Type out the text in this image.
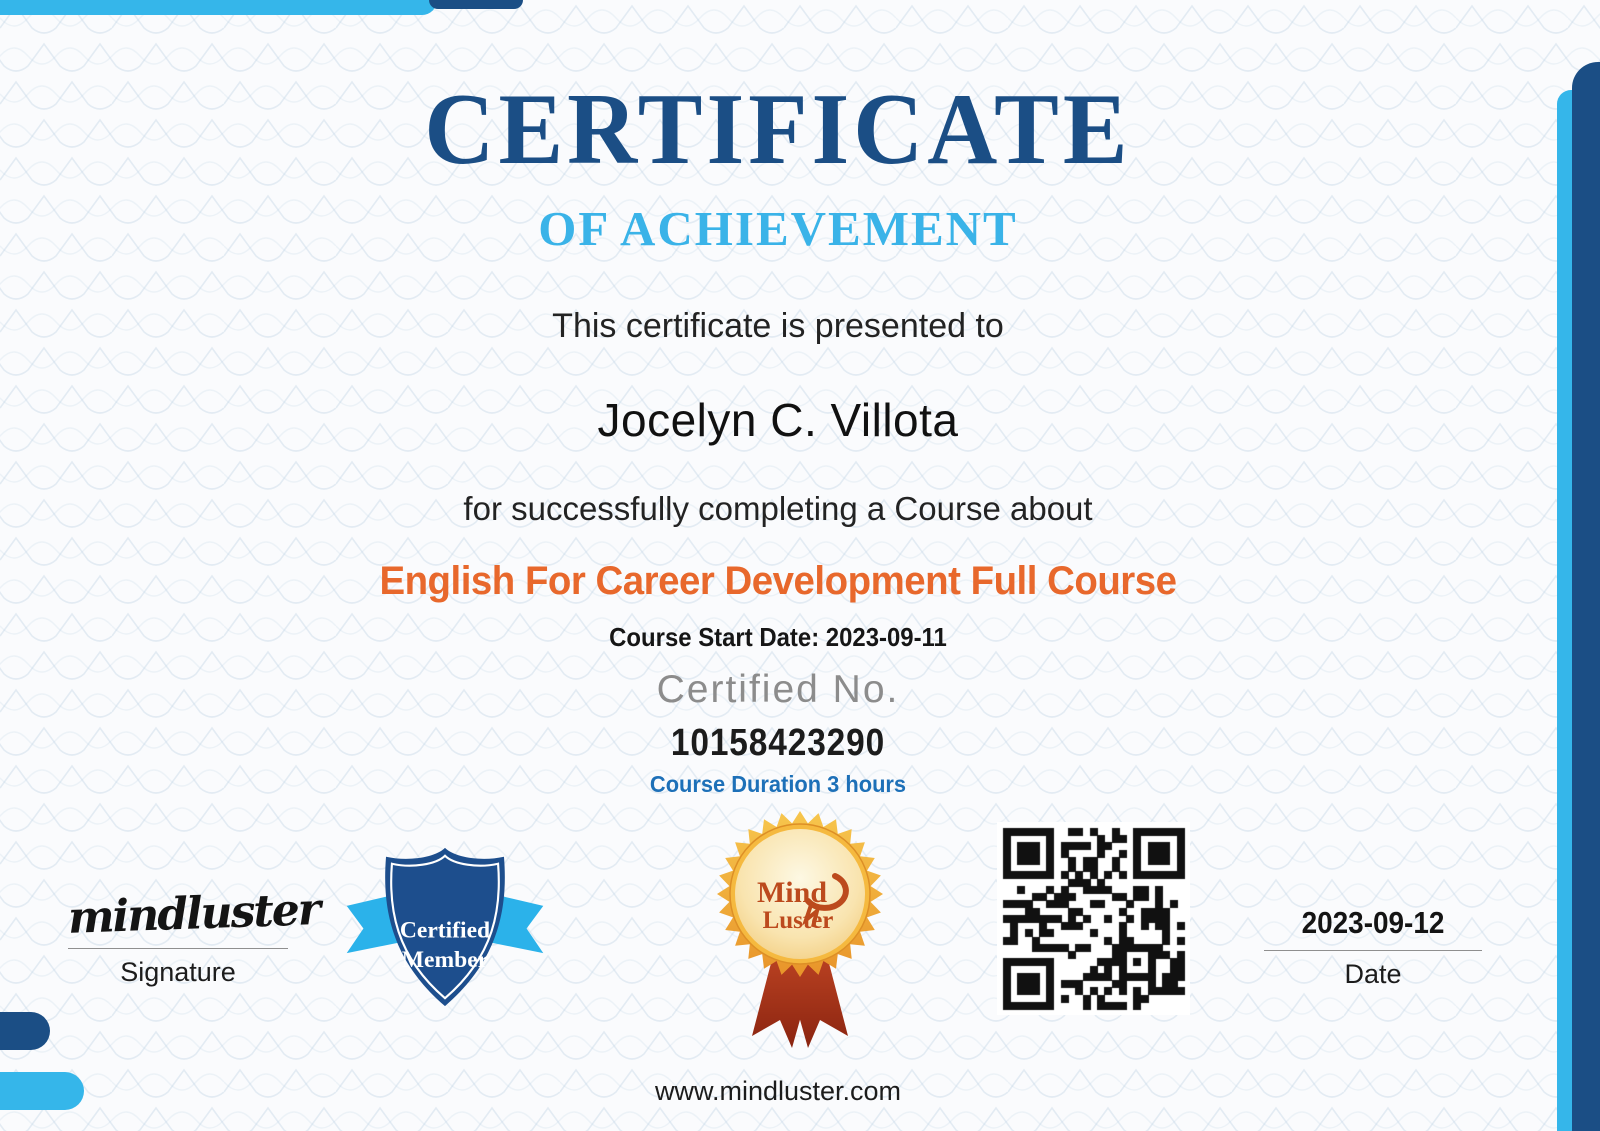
CERTIFICATE
OF ACHIEVEMENT
This certificate is presented to
Jocelyn C. Villota
for successfully completing a Course about
English For Career Development Full Course
Course Start Date: 2023-09-11
Certified No.
10158423290
Course Duration 3 hours
www.mindluster.com
mindluster
Signature
Certified
Member
Mind
Luster	2023-09-12
Date
